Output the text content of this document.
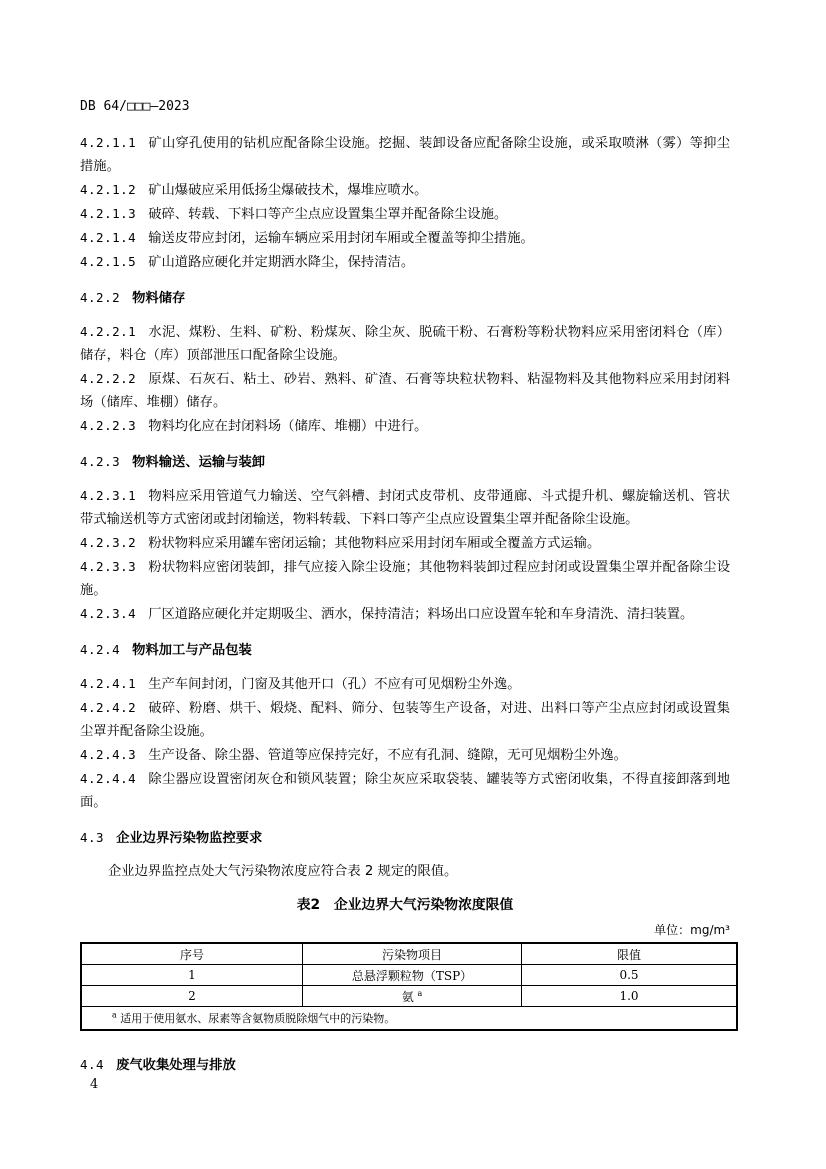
DB 64/□□□—2023

4.2.1.1 矿山穿孔使用的钻机应配备除尘设施。挖掘、装卸设备应配备除尘设施，或采取喷淋（雾）等抑尘措施。

4.2.1.2 矿山爆破应采用低扬尘爆破技术，爆堆应喷水。

4.2.1.3 破碎、转载、下料口等产尘点应设置集尘罩并配备除尘设施。

4.2.1.4 输送皮带应封闭，运输车辆应采用封闭车厢或全覆盖等抑尘措施。

4.2.1.5 矿山道路应硬化并定期洒水降尘，保持清洁。

4.2.2 物料储存

4.2.2.1 水泥、煤粉、生料、矿粉、粉煤灰、除尘灰、脱硫干粉、石膏粉等粉状物料应采用密闭料仓（库）储存，料仓（库）顶部泄压口配备除尘设施。

4.2.2.2 原煤、石灰石、粘土、砂岩、熟料、矿渣、石膏等块粒状物料、粘湿物料及其他物料应采用封闭料场（储库、堆棚）储存。

4.2.2.3 物料均化应在封闭料场（储库、堆棚）中进行。

4.2.3 物料输送、运输与装卸

4.2.3.1 物料应采用管道气力输送、空气斜槽、封闭式皮带机、皮带通廊、斗式提升机、螺旋输送机、管状带式输送机等方式密闭或封闭输送，物料转载、下料口等产尘点应设置集尘罩并配备除尘设施。

4.2.3.2 粉状物料应采用罐车密闭运输；其他物料应采用封闭车厢或全覆盖方式运输。

4.2.3.3 粉状物料应密闭装卸，排气应接入除尘设施；其他物料装卸过程应封闭或设置集尘罩并配备除尘设施。

4.2.3.4 厂区道路应硬化并定期吸尘、洒水，保持清洁；料场出口应设置车轮和车身清洗、清扫装置。

4.2.4 物料加工与产品包装

4.2.4.1 生产车间封闭，门窗及其他开口（孔）不应有可见烟粉尘外逸。

4.2.4.2 破碎、粉磨、烘干、煅烧、配料、筛分、包装等生产设备，对进、出料口等产尘点应封闭或设置集尘罩并配备除尘设施。

4.2.4.3 生产设备、除尘器、管道等应保持完好，不应有孔洞、缝隙，无可见烟粉尘外逸。

4.2.4.4 除尘器应设置密闭灰仓和锁风装置；除尘灰应采取袋装、罐装等方式密闭收集，不得直接卸落到地面。

4.3 企业边界污染物监控要求

企业边界监控点处大气污染物浓度应符合表 2 规定的限值。

表2　企业边界大气污染物浓度限值
单位：mg/m³
序号	污染物项目	限值
1	总悬浮颗粒物（TSP）	0.5
2	氨 $^a$	1.0
$^a$ 适用于使用氨水、尿素等含氨物质脱除烟气中的污染物。		
4.4 废气收集处理与排放
4
